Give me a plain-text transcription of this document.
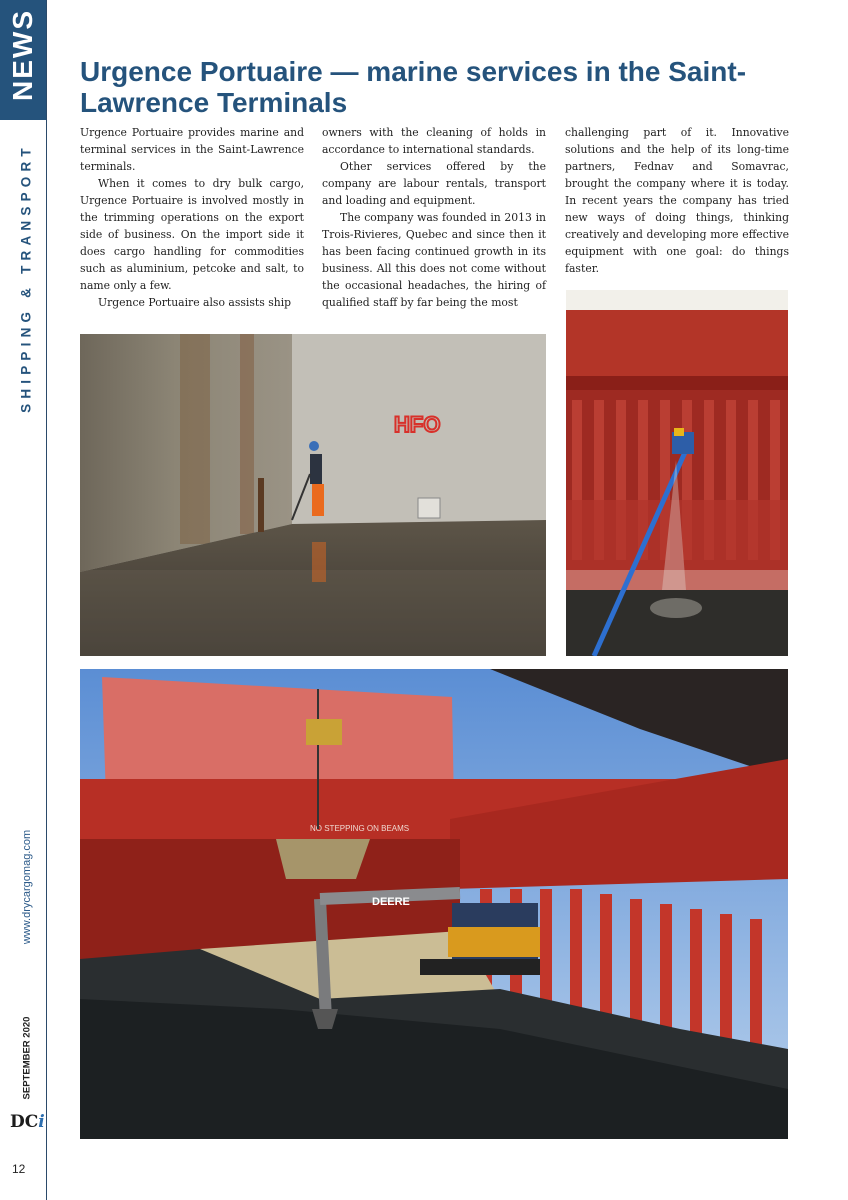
NEWS
SHIPPING & TRANSPORT
www.drycargomag.com
SEPTEMBER 2020
DCi
12
Urgence Portuaire — marine services in the Saint-Lawrence Terminals

Urgence Portuaire provides marine and terminal services in the Saint-Lawrence terminals.

When it comes to dry bulk cargo, Urgence Portuaire is involved mostly in the trimming operations on the export side of business. On the import side it does cargo handling for commodities such as aluminium, petcoke and salt, to name only a few.

Urgence Portuaire also assists ship

owners with the cleaning of holds in accordance to international standards.

Other services offered by the company are labour rentals, transport and loading and equipment.

The company was founded in 2013 in Trois-Rivieres, Quebec and since then it has been facing continued growth in its business. All this does not come without the occasional headaches, the hiring of qualified staff by far being the most

challenging part of it. Innovative solutions and the help of its long-time partners, Fednav and Somavrac, brought the company where it is today. In recent years the company has tried new ways of doing things, thinking creatively and developing more effective equipment with one goal: do things faster.

HFO
NO STEPPING ON BEAMS
DEERE
